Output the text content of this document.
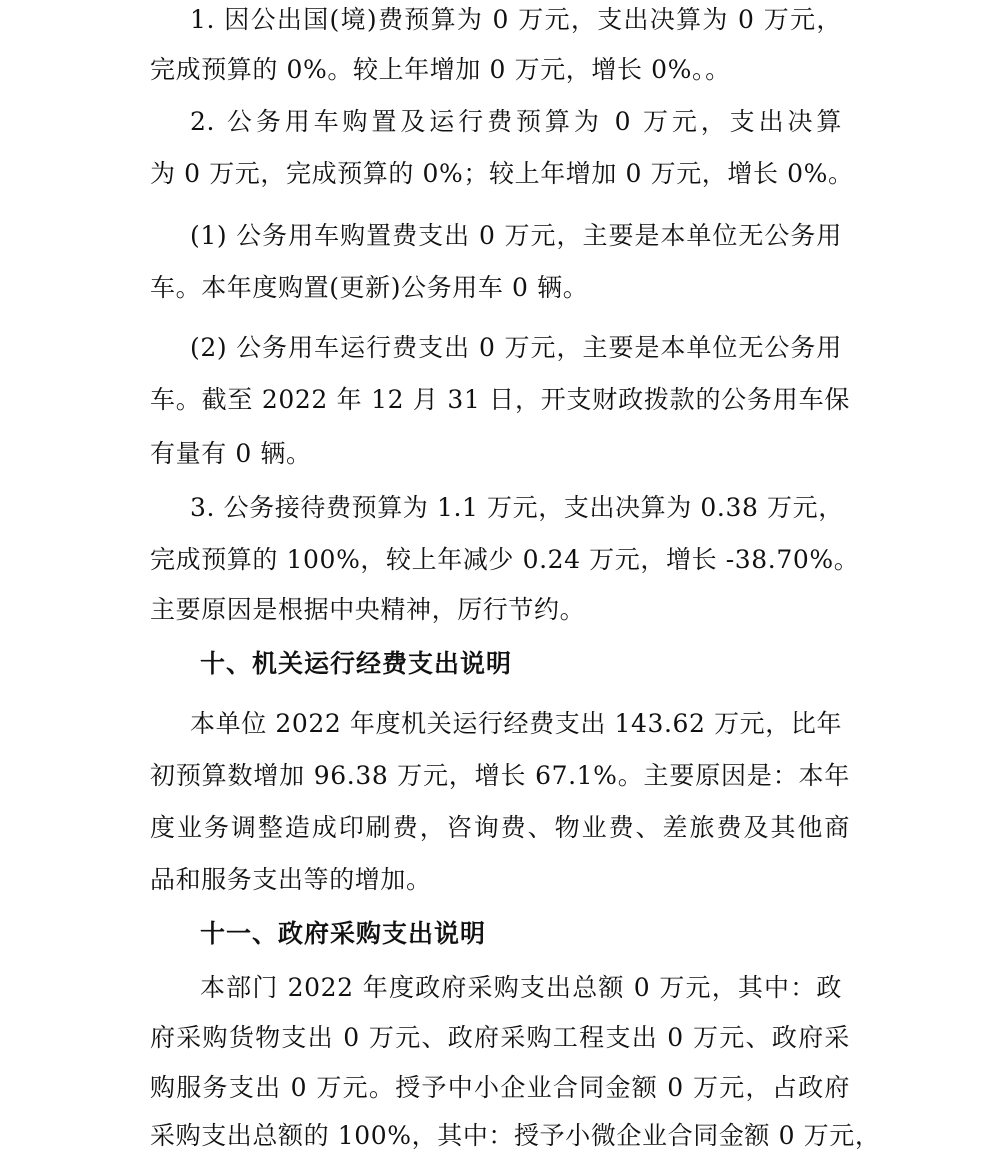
1. 因公出国(境)费预算为 0 万元，支出决算为 0 万元，
完成预算的 0%。较上年增加 0 万元，增长 0%。。
2. 公务用车购置及运行费预算为 0 万元，支出决算
为 0 万元，完成预算的 0%；较上年增加 0 万元，增长 0%。
(1) 公务用车购置费支出 0 万元，主要是本单位无公务用
车。本年度购置(更新)公务用车 0 辆。
(2) 公务用车运行费支出 0 万元，主要是本单位无公务用
车。截至 2022 年 12 月 31 日，开支财政拨款的公务用车保
有量有 0 辆。
3. 公务接待费预算为 1.1 万元，支出决算为 0.38 万元，
完成预算的 100%，较上年减少 0.24 万元，增长 -38.70%。
主要原因是根据中央精神，厉行节约。
十、机关运行经费支出说明
本单位 2022 年度机关运行经费支出 143.62 万元，比年
初预算数增加 96.38 万元，增长 67.1%。主要原因是：本年
度业务调整造成印刷费，咨询费、物业费、差旅费及其他商
品和服务支出等的增加。
十一、政府采购支出说明
本部门 2022 年度政府采购支出总额 0 万元，其中：政
府采购货物支出 0 万元、政府采购工程支出 0 万元、政府采
购服务支出 0 万元。授予中小企业合同金额 0 万元，占政府
采购支出总额的 100%，其中：授予小微企业合同金额 0 万元，
